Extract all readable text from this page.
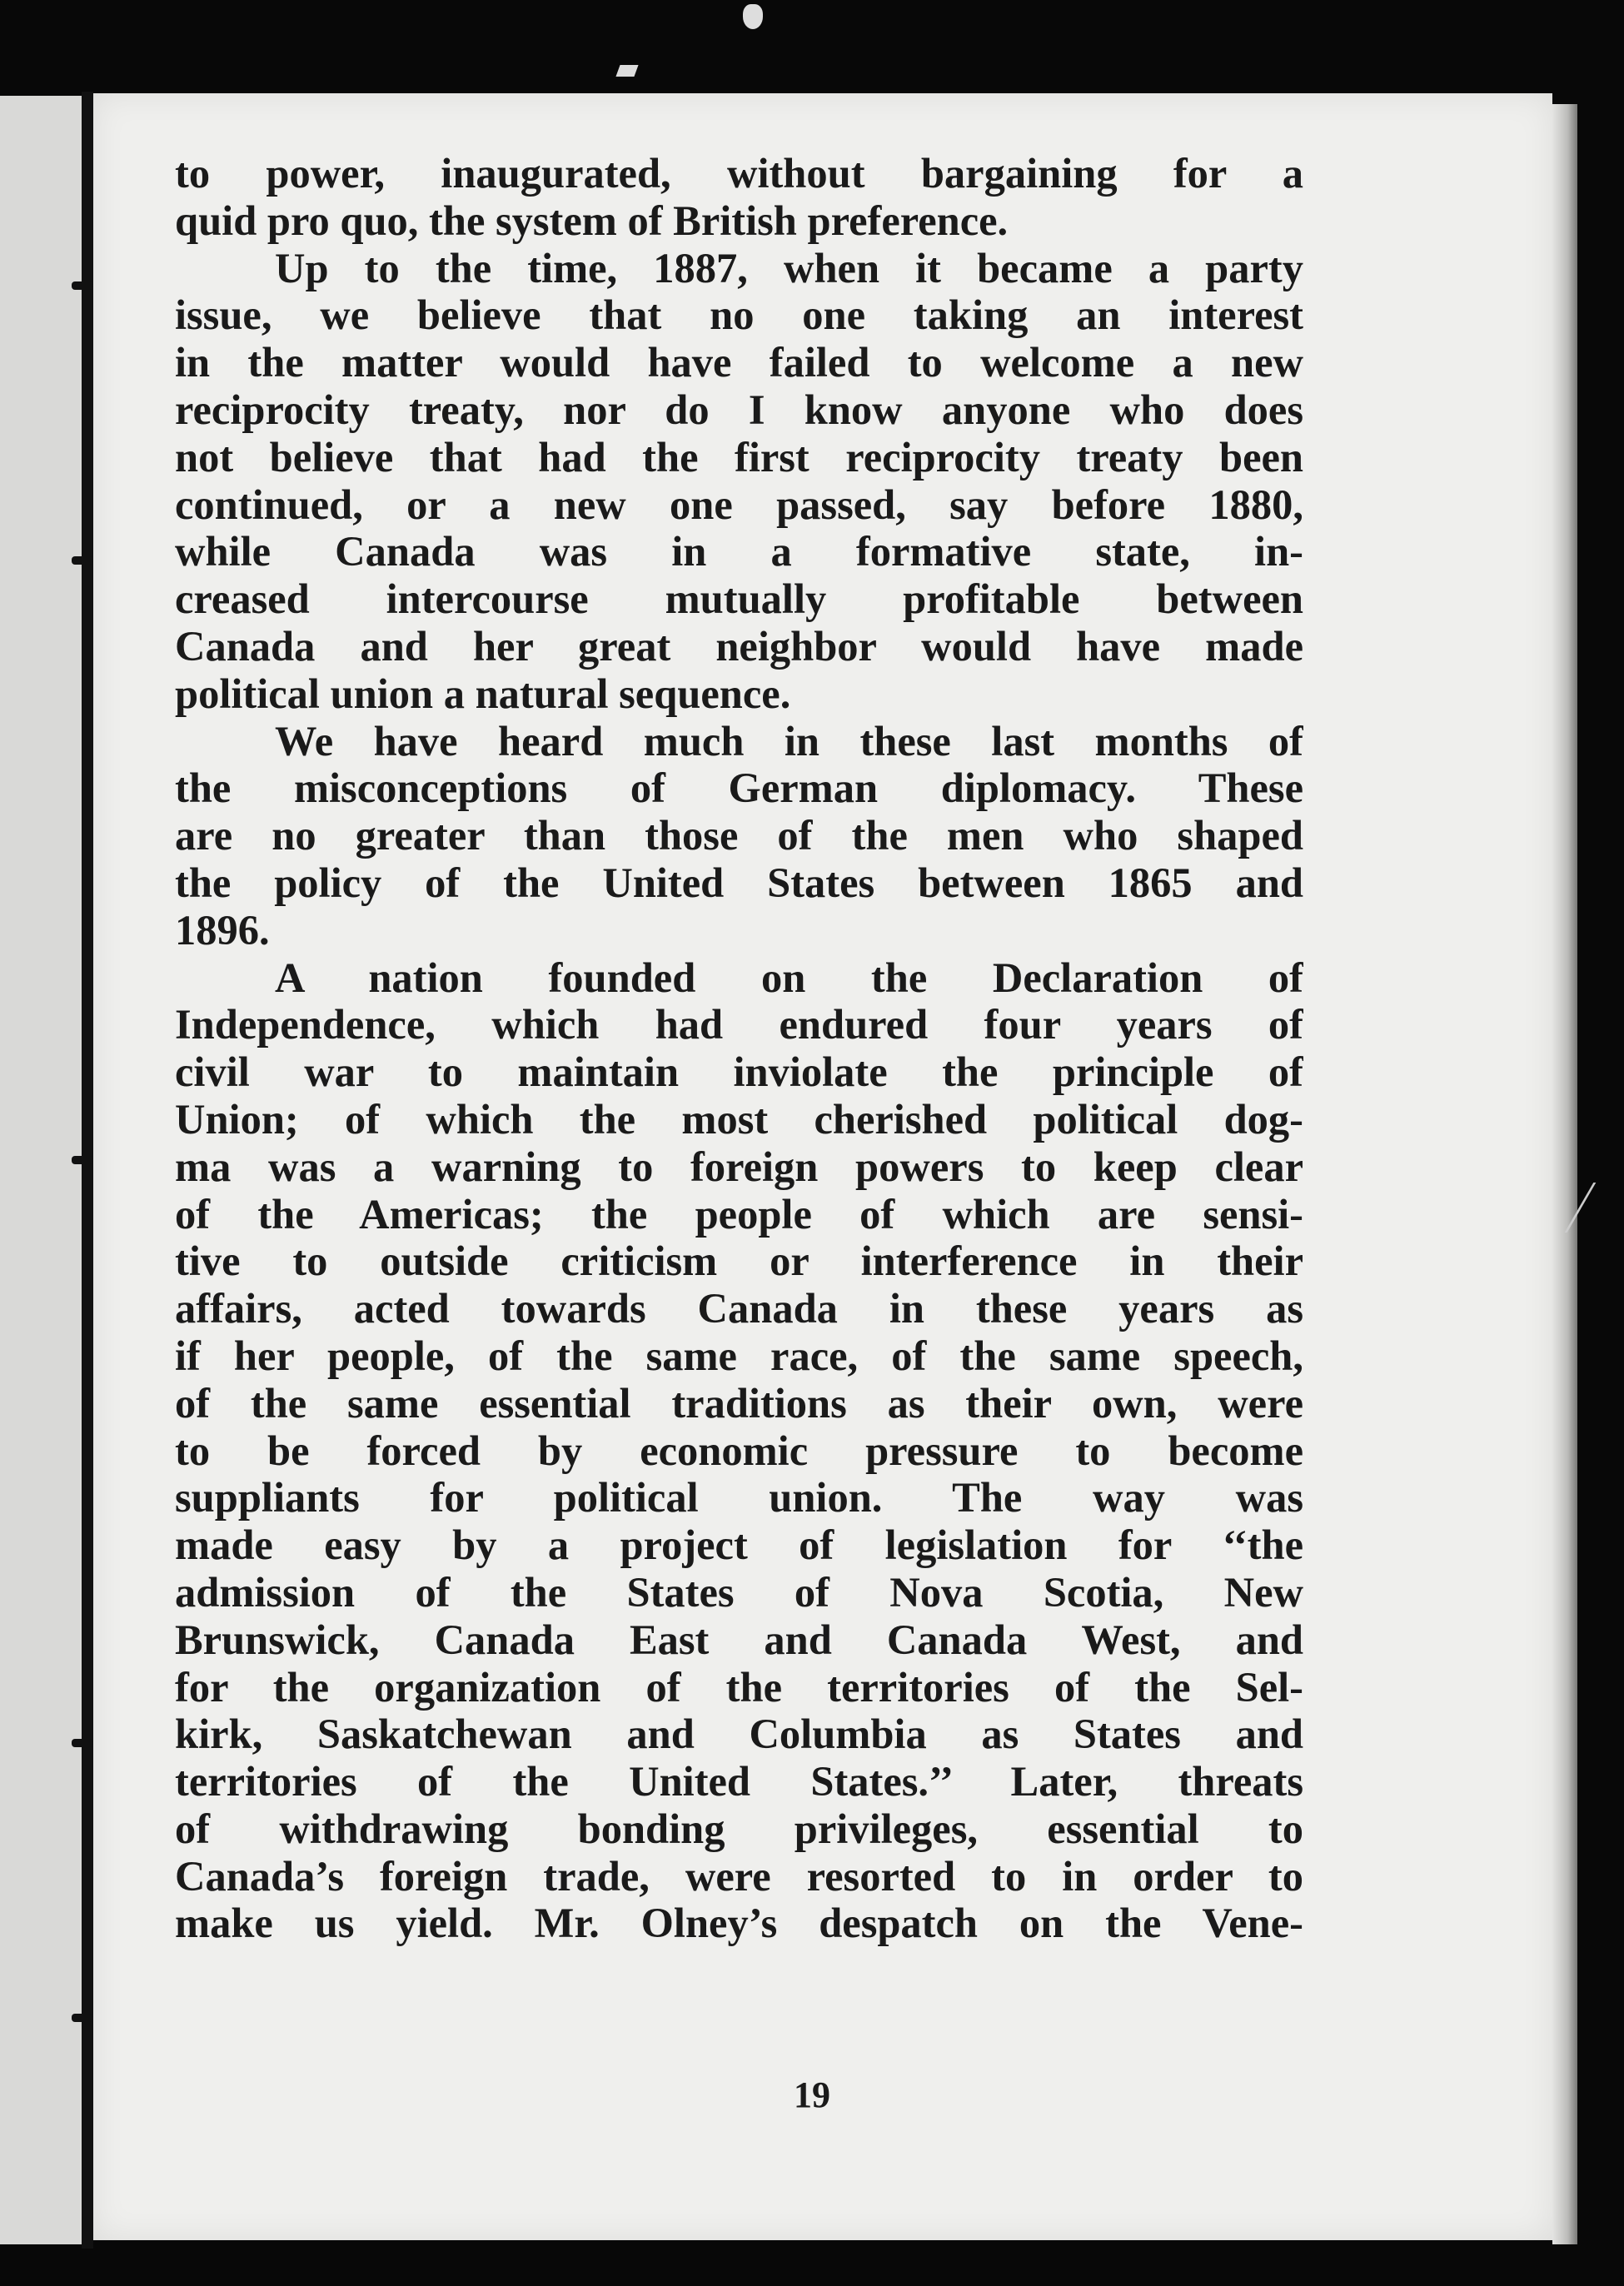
to power, inaugurated, without bargaining for a
quid pro quo, the system of British preference.
Up to the time, 1887, when it became a party
issue, we believe that no one taking an interest
in the matter would have failed to welcome a new
reciprocity treaty, nor do I know anyone who does
not believe that had the first reciprocity treaty been
continued, or a new one passed, say before 1880,
while Canada was in a formative state, in-
creased intercourse mutually profitable between
Canada and her great neighbor would have made
political union a natural sequence.
We have heard much in these last months of
the misconceptions of German diplomacy. These
are no greater than those of the men who shaped
the policy of the United States between 1865 and
1896.
A nation founded on the Declaration of
Independence, which had endured four years of
civil war to maintain inviolate the principle of
Union; of which the most cherished political dog-
ma was a warning to foreign powers to keep clear
of the Americas; the people of which are sensi-
tive to outside criticism or interference in their
affairs, acted towards Canada in these years as
if her people, of the same race, of the same speech,
of the same essential traditions as their own, were
to be forced by economic pressure to become
suppliants for political union. The way was
made easy by a project of legislation for ‘‘the
admission of the States of Nova Scotia, New
Brunswick, Canada East and Canada West, and
for the organization of the territories of the Sel-
kirk, Saskatchewan and Columbia as States and
territories of the United States.’’ Later, threats
of withdrawing bonding privileges, essential to
Canada’s foreign trade, were resorted to in order to
make us yield. Mr. Olney’s despatch on the Vene-
19
